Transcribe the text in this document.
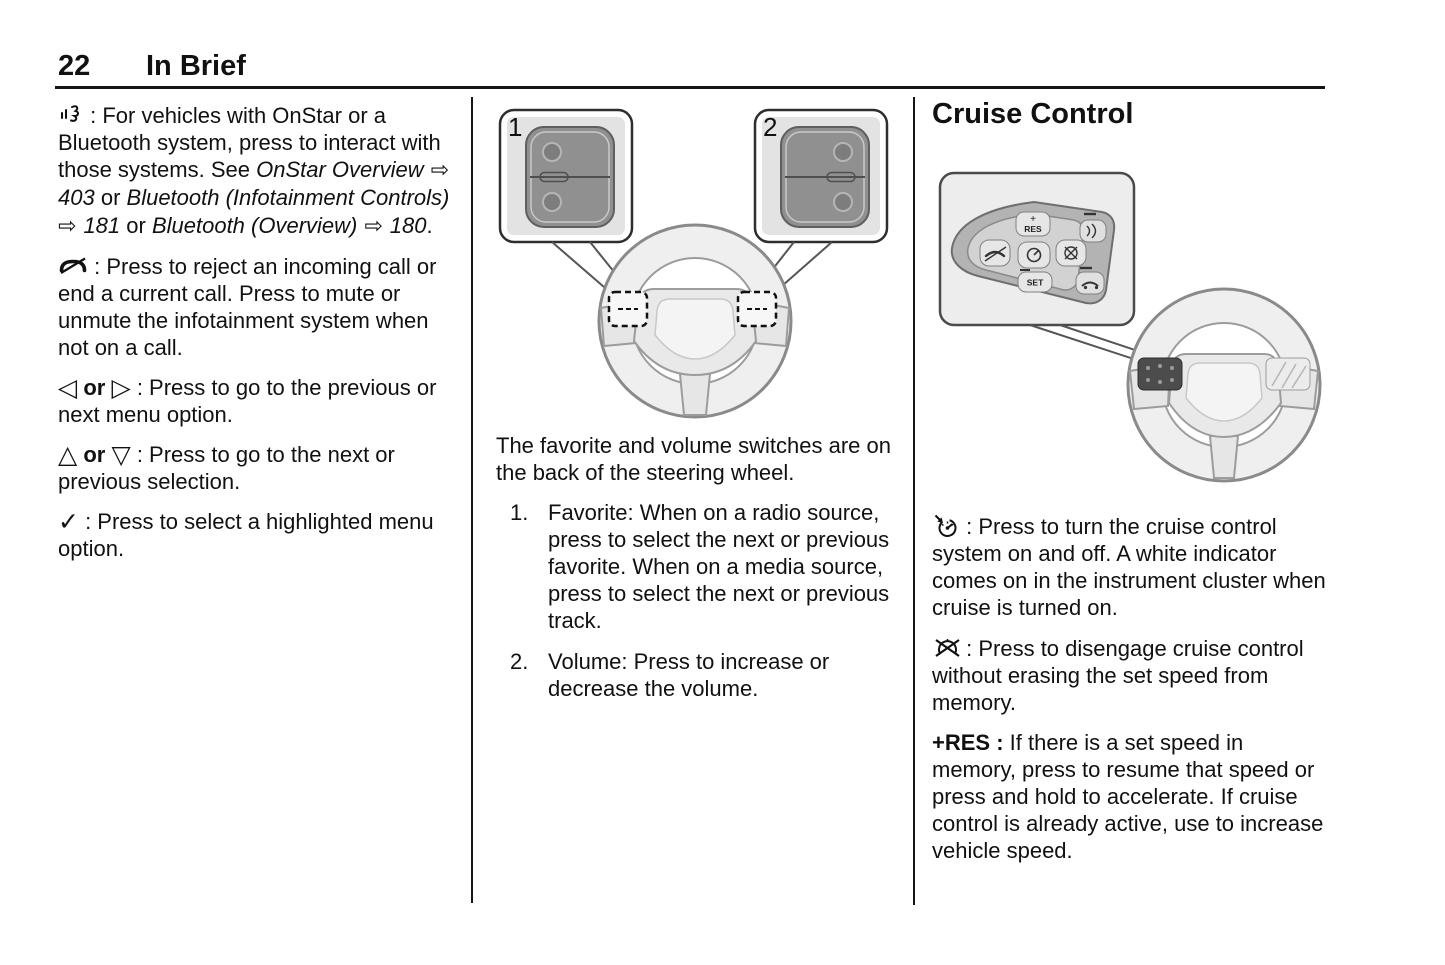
22 In Brief

: For vehicles with OnStar or a Bluetooth system, press to interact with those systems. See OnStar Overview ⇨ 403 or Bluetooth (Infotainment Controls) ⇨ 181 or Bluetooth (Overview) ⇨ 180.

: Press to reject an incoming call or end a current call. Press to mute or unmute the infotainment system when not on a call.

◁ or ▷ : Press to go to the previous or next menu option.

△ or ▽ : Press to go to the next or previous selection.

✓ : Press to select a highlighted menu option.

1	2

The favorite and volume switches are on the back of the steering wheel.

1. Favorite: When on a radio source, press to select the next or previous favorite. When on a media source, press to select the next or previous track.
2. Volume: Press to increase or decrease the volume.
Cruise Control
+
RES
SET

: Press to turn the cruise control system on and off. A white indicator comes on in the instrument cluster when cruise is turned on.

: Press to disengage cruise control without erasing the set speed from memory.

+RES : If there is a set speed in memory, press to resume that speed or press and hold to accelerate. If cruise control is already active, use to increase vehicle speed.
